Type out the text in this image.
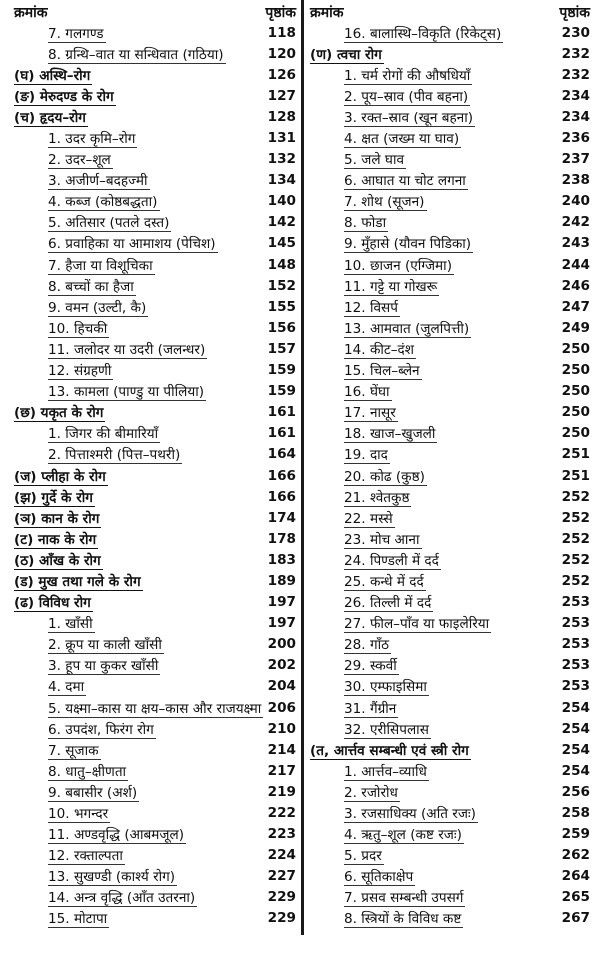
क्रमांक	पृष्ठांक
7. गलगण्ड	118
8. ग्रन्थि–वात या सन्धिवात (गठिया)	120
(घ) अस्थि–रोग	126
(ङ) मेरुदण्ड के रोग	127
(च) हृदय–रोग	128
1. उदर कृमि–रोग	131
2. उदर–शूल	132
3. अजीर्ण–बदहज्मी	134
4. कब्ज (कोष्ठबद्धता)	140
5. अतिसार (पतले दस्त)	142
6. प्रवाहिका या आमाशय (पेचिश)	145
7. हैजा या विशूचिका	148
8. बच्चों का हैजा	152
9. वमन (उल्टी, कै)	155
10. हिचकी	156
11. जलोदर या उदरी (जलन्धर)	157
12. संग्रहणी	159
13. कामला (पाण्डु या पीलिया)	159
(छ) यकृत के रोग	161
1. जिगर की बीमारियाँ	161
2. पित्ताश्मरी (पित्त–पथरी)	164
(ज) प्लीहा के रोग	166
(झ) गुर्दे के रोग	166
(ञ) कान के रोग	174
(ट) नाक के रोग	178
(ठ) आँख के रोग	183
(ड) मुख तथा गले के रोग	189
(ढ) विविध रोग	197
1. खाँसी	197
2. क्रूप या काली खाँसी	200
3. हूप या कुकर खाँसी	202
4. दमा	204
5. यक्ष्मा–कास या क्षय–कास और राजयक्ष्मा 206
6. उपदंश, फिरंग रोग	210
7. सूजाक	214
8. धातु–क्षीणता	217
9. बबासीर (अर्श)	219
10. भगन्दर	222
11. अण्डवृद्धि (आबमजूल)	223
12. रक्ताल्पता	224
13. सुखण्डी (कार्श्य रोग)	227
14. अन्त्र वृद्धि (आँत उतरना)	229
15. मोटापा	229
क्रमांक	पृष्ठांक
16. बालास्थि–विकृति (रिकेट्स)	230
(ण) त्वचा रोग	232
1. चर्म रोगों की औषधियाँ	232
2. पूय–स्राव (पीव बहना)	234
3. रक्त–स्राव (खून बहना)	234
4. क्षत (जख्म या घाव)	236
5. जले घाव	237
6. आघात या चोट लगना	238
7. शोथ (सूजन)	240
8. फोडा	242
9. मुँहासे (यौवन पिडिका)	243
10. छाजन (एग्जिमा)	244
11. गट्टे या गोखरू	246
12. विसर्प	247
13. आमवात (जुलपित्ती)	249
14. कीट–दंश	250
15. चिल–ब्लेन	250
16. घेंघा	250
17. नासूर	250
18. खाज–खुजली	250
19. दाद	251
20. कोढ (कुष्ठ)	251
21. श्वेतकुष्ठ	252
22. मस्से	252
23. मोच आना	252
24. पिण्डली में दर्द	252
25. कन्धे में दर्द	252
26. तिल्ली में दर्द	253
27. फील–पाँव या फाइलेरिया	253
28. गाँठ	253
29. स्कर्वी	253
30. एम्फाइसिमा	253
31. गैंग्रीन	254
32. एरीसिपलास	254
(त, आर्त्तव सम्बन्धी एवं स्त्री रोग	254
1. आर्त्तव–व्याधि	254
2. रजोरोध	256
3. रजसाधिक्य (अति रजः)	258
4. ऋतु–शूल (कष्ट रजः)	259
5. प्रदर	262
6. सूतिकाक्षेप	264
7. प्रसव सम्बन्धी उपसर्ग	265
8. स्त्रियों के विविध कष्ट	267
